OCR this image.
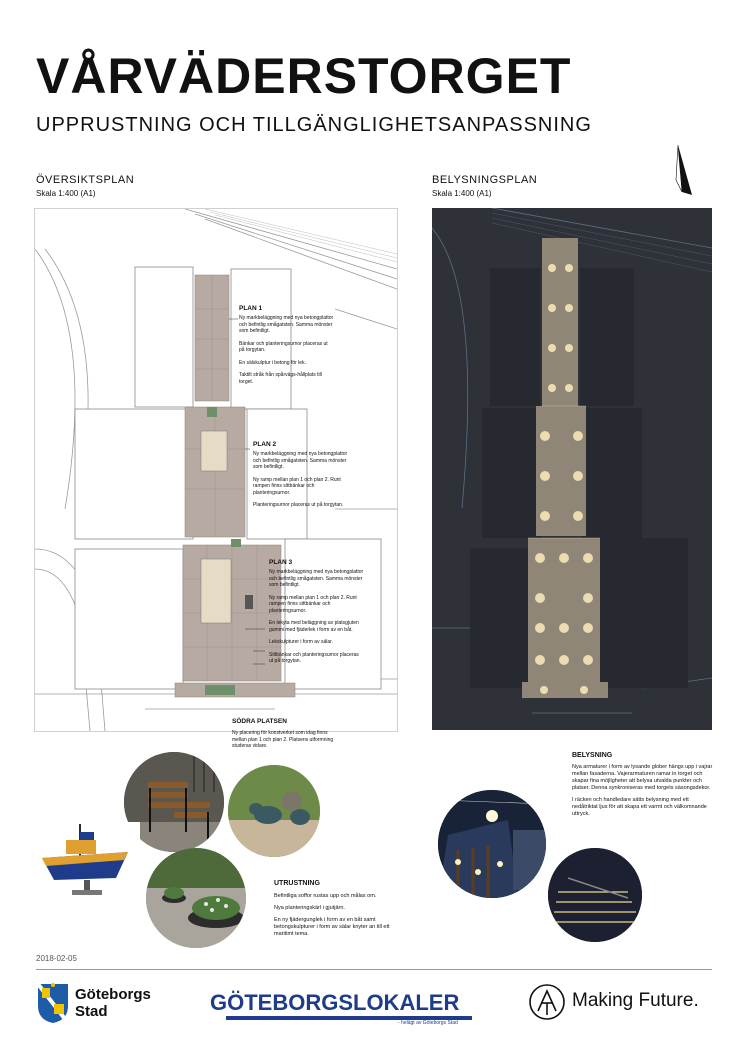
VÅRVÄDERSTORGET
UPPRUSTNING OCH TILLGÄNGLIGHETSANPASSNING
ÖVERSIKTSPLAN
Skala 1:400 (A1)
PLAN 1

Ny markbeläggning med nya betongplattor och befintlig smågatsten. Samma mönster som befintligt.

Bänkar och planteringsurnor placeras ut på torgytan.

En sälskulptur i betong för lek.

Taktilt stråk från spårvägs-hållplats till torget.

PLAN 2

Ny markbeläggning med nya betongplattor och befintlig smågatsten. Samma mönster som befintligt.

Ny ramp mellan plan 1 och plan 2. Runt rampen finns sittbänkar och planteringsurnor.

Planteringsurnor placeras ut på torgytan.

PLAN 3

Ny markbeläggning med nya betongplattor och befintlig smågatsten. Samma mönster som befintligt.

Ny ramp mellan plan 1 och plan 2. Runt rampen finns sittbänkar och planteringsurnor.

En lekyta med beläggning av platsgjuten gummi med fjäderlek i form av en båt.

Lekskulpturer i form av sälar.

Sittbänkar och planteringsurnor placeras ut på torgytan.

SÖDRA PLATSEN
Ny placering för konstverket som idag finns mellan plan 1 och plan 2. Platsens utformning studeras vidare.
BELYSNINGSPLAN
Skala 1:400 (A1)
BELYSNING

Nya armaturer i form av lysande glober hängs upp i vajrar mellan fasaderna. Vajerarmaturen ramar in torget och skapar fina möjligheter att belysa utvalda punkter och platser. Denna synkroniseras med torgets säsongsdekor.

I räcken och handledare sätts belysning med ett nedåtriktat ljus för att skapa ett varmt och välkomnande uttryck.

UTRUSTNING

Befintliga soffor rustas upp och målas om.

Nya planteringskärl i gjutjärn.

En ny fjädergunglek i form av en båt samt betongskulpturer i form av sälar knyter an till ett maritimt tema.

2018-02-05
Göteborgs
Stad	GÖTEBORGSLOKALER
- helägt av Göteborgs Stad
Making Future.
